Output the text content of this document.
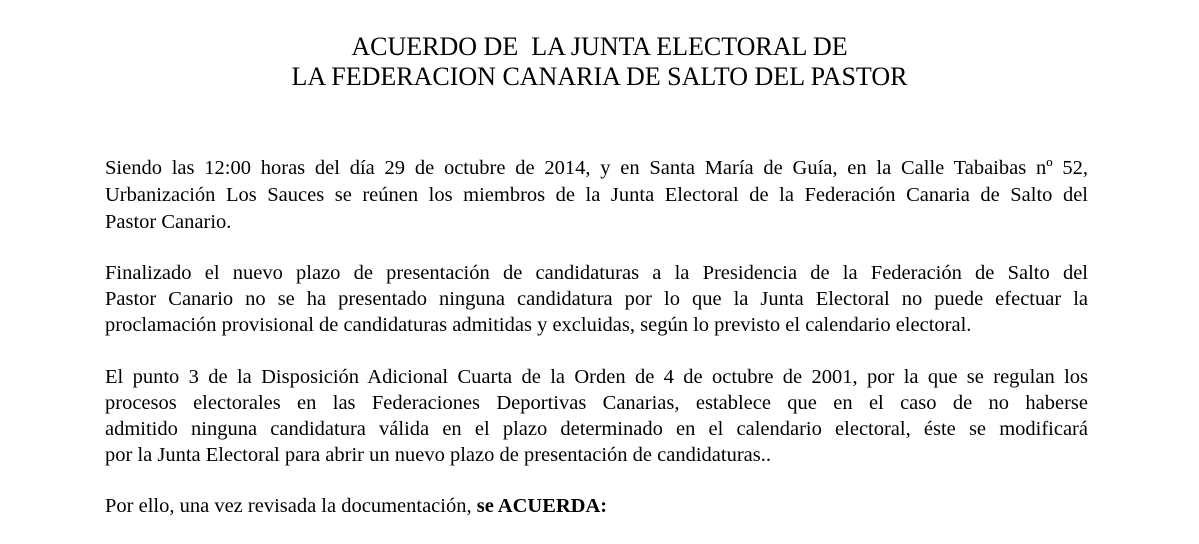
ACUERDO DE  LA JUNTA ELECTORAL DE
LA FEDERACION CANARIA DE SALTO DEL PASTOR
Siendo las 12:00 horas del día 29 de octubre de 2014, y en Santa María de Guía, en la Calle Tabaibas nº 52,
Urbanización Los Sauces se reúnen los miembros de la Junta Electoral de la Federación Canaria de Salto del
Pastor Canario.
Finalizado el nuevo plazo de presentación de candidaturas a la Presidencia de la Federación de Salto del
Pastor Canario no se ha presentado ninguna candidatura por lo que la Junta Electoral no puede efectuar la
proclamación provisional de candidaturas admitidas y excluidas, según lo previsto el calendario electoral.
El punto 3 de la Disposición Adicional Cuarta de la Orden de 4 de octubre de 2001, por la que se regulan los
procesos electorales en las Federaciones Deportivas Canarias, establece que en el caso de no haberse
admitido ninguna candidatura válida en el plazo determinado en el calendario electoral, éste se modificará
por la Junta Electoral para abrir un nuevo plazo de presentación de candidaturas..
Por ello, una vez revisada la documentación, se ACUERDA:
